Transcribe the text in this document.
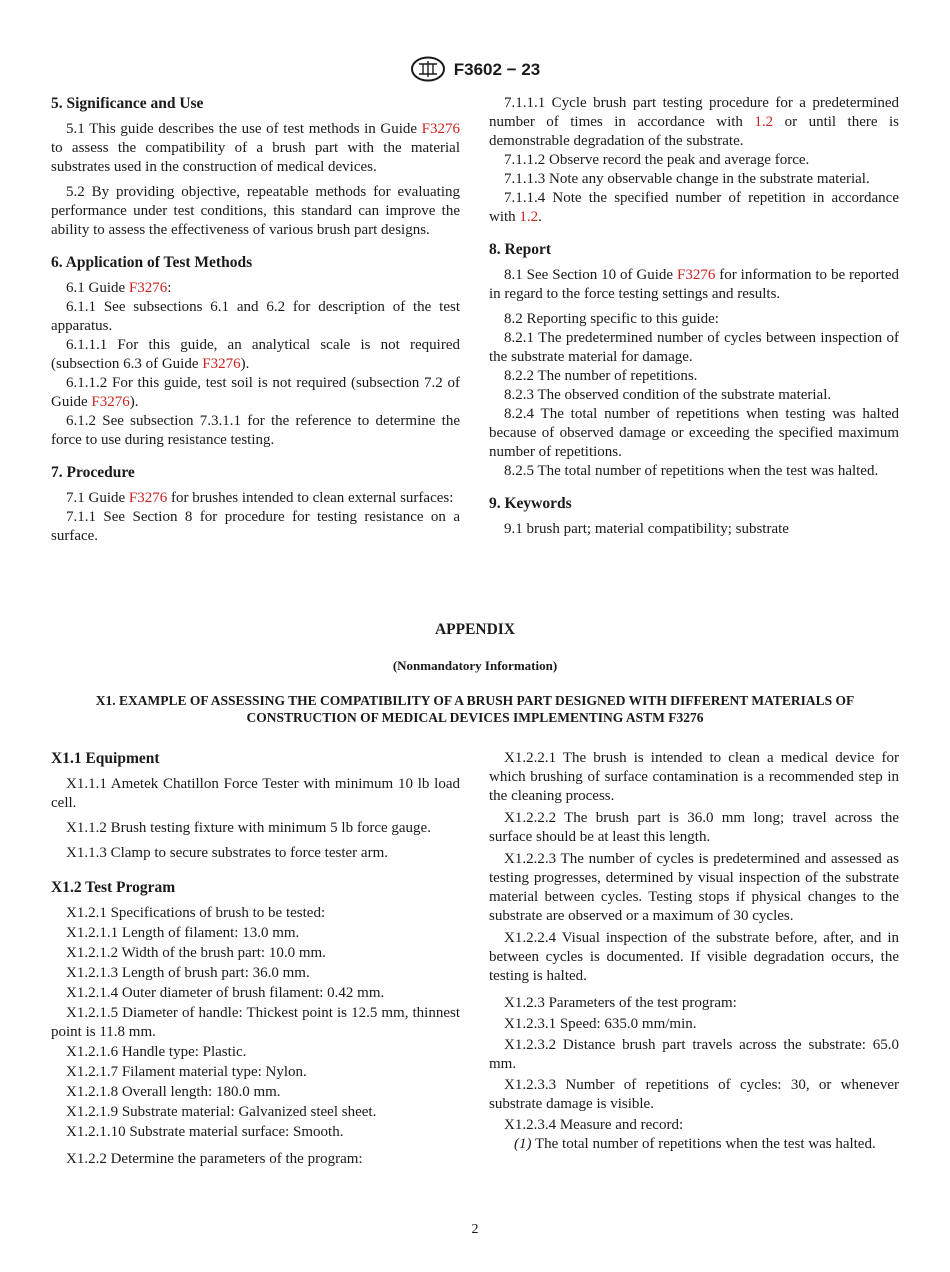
F3602 − 23
5. Significance and Use

5.1 This guide describes the use of test methods in Guide F3276 to assess the compatibility of a brush part with the material substrates used in the construction of medical devices.

5.2 By providing objective, repeatable methods for evaluating performance under test conditions, this standard can improve the ability to assess the effectiveness of various brush part designs.

6. Application of Test Methods

6.1 Guide F3276:

6.1.1 See subsections 6.1 and 6.2 for description of the test apparatus.

6.1.1.1 For this guide, an analytical scale is not required (subsection 6.3 of Guide F3276).

6.1.1.2 For this guide, test soil is not required (subsection 7.2 of Guide F3276).

6.1.2 See subsection 7.3.1.1 for the reference to determine the force to use during resistance testing.

7. Procedure

7.1 Guide F3276 for brushes intended to clean external surfaces:

7.1.1 See Section 8 for procedure for testing resistance on a surface.

7.1.1.1 Cycle brush part testing procedure for a predetermined number of times in accordance with 1.2 or until there is demonstrable degradation of the substrate.

7.1.1.2 Observe record the peak and average force.

7.1.1.3 Note any observable change in the substrate material.

7.1.1.4 Note the specified number of repetition in accordance with 1.2.

8. Report

8.1 See Section 10 of Guide F3276 for information to be reported in regard to the force testing settings and results.

8.2 Reporting specific to this guide:

8.2.1 The predetermined number of cycles between inspection of the substrate material for damage.

8.2.2 The number of repetitions.

8.2.3 The observed condition of the substrate material.

8.2.4 The total number of repetitions when testing was halted because of observed damage or exceeding the specified maximum number of repetitions.

8.2.5 The total number of repetitions when the test was halted.

9. Keywords

9.1 brush part; material compatibility; substrate

APPENDIX
(Nonmandatory Information)
X1. EXAMPLE OF ASSESSING THE COMPATIBILITY OF A BRUSH PART DESIGNED WITH DIFFERENT MATERIALS OF CONSTRUCTION OF MEDICAL DEVICES IMPLEMENTING ASTM F3276
X1.1 Equipment

X1.1.1 Ametek Chatillon Force Tester with minimum 10 lb load cell.

X1.1.2 Brush testing fixture with minimum 5 lb force gauge.

X1.1.3 Clamp to secure substrates to force tester arm.

X1.2 Test Program

X1.2.1 Specifications of brush to be tested:

X1.2.1.1 Length of filament: 13.0 mm.

X1.2.1.2 Width of the brush part: 10.0 mm.

X1.2.1.3 Length of brush part: 36.0 mm.

X1.2.1.4 Outer diameter of brush filament: 0.42 mm.

X1.2.1.5 Diameter of handle: Thickest point is 12.5 mm, thinnest point is 11.8 mm.

X1.2.1.6 Handle type: Plastic.

X1.2.1.7 Filament material type: Nylon.

X1.2.1.8 Overall length: 180.0 mm.

X1.2.1.9 Substrate material: Galvanized steel sheet.

X1.2.1.10 Substrate material surface: Smooth.

X1.2.2 Determine the parameters of the program:

X1.2.2.1 The brush is intended to clean a medical device for which brushing of surface contamination is a recommended step in the cleaning process.

X1.2.2.2 The brush part is 36.0 mm long; travel across the surface should be at least this length.

X1.2.2.3 The number of cycles is predetermined and assessed as testing progresses, determined by visual inspection of the substrate material between cycles. Testing stops if physical changes to the substrate are observed or a maximum of 30 cycles.

X1.2.2.4 Visual inspection of the substrate before, after, and in between cycles is documented. If visible degradation occurs, the testing is halted.

X1.2.3 Parameters of the test program:

X1.2.3.1 Speed: 635.0 mm/min.

X1.2.3.2 Distance brush part travels across the substrate: 65.0 mm.

X1.2.3.3 Number of repetitions of cycles: 30, or whenever substrate damage is visible.

X1.2.3.4 Measure and record:

(1) The total number of repetitions when the test was halted.

2
